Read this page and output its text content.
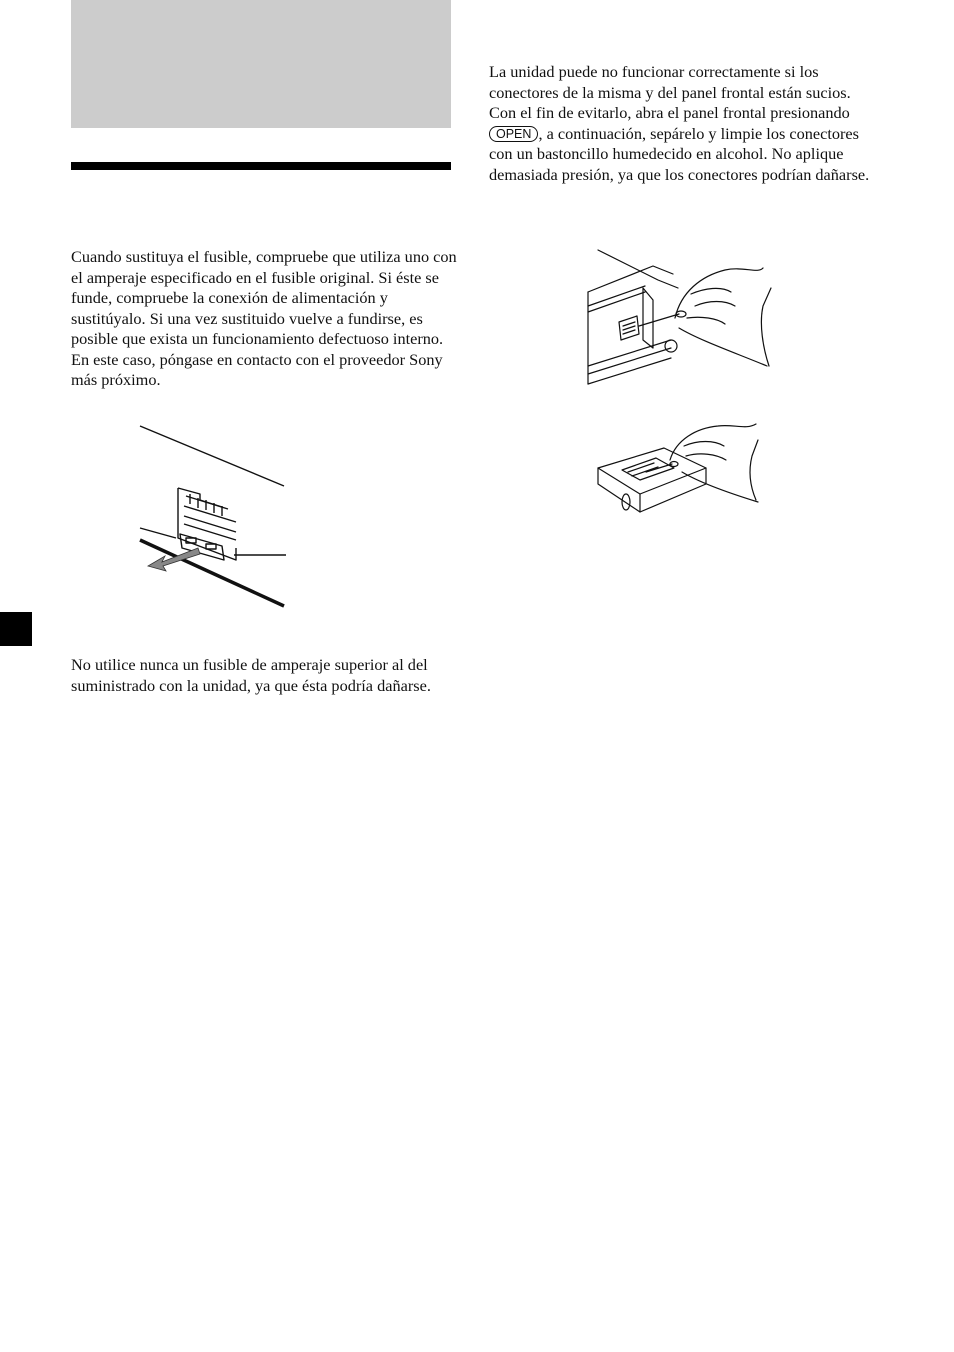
Cuando sustituya el fusible, compruebe que utiliza uno con el amperaje especificado en el fusible original. Si éste se funde, compruebe la conexión de alimentación y sustitúyalo. Si una vez sustituido vuelve a fundirse, es posible que exista un funcionamiento defectuoso interno. En este caso, póngase en contacto con el proveedor Sony más próximo.

No utilice nunca un fusible de amperaje superior al del suministrado con la unidad, ya que ésta podría dañarse.

La unidad puede no funcionar correctamente si los conectores de la misma y del panel frontal están sucios. Con el fin de evitarlo, abra el panel frontal presionando OPEN , a continuación, sepárelo y limpie los conectores con un bastoncillo humedecido en alcohol. No aplique demasiada presión, ya que los conectores podrían dañarse.
